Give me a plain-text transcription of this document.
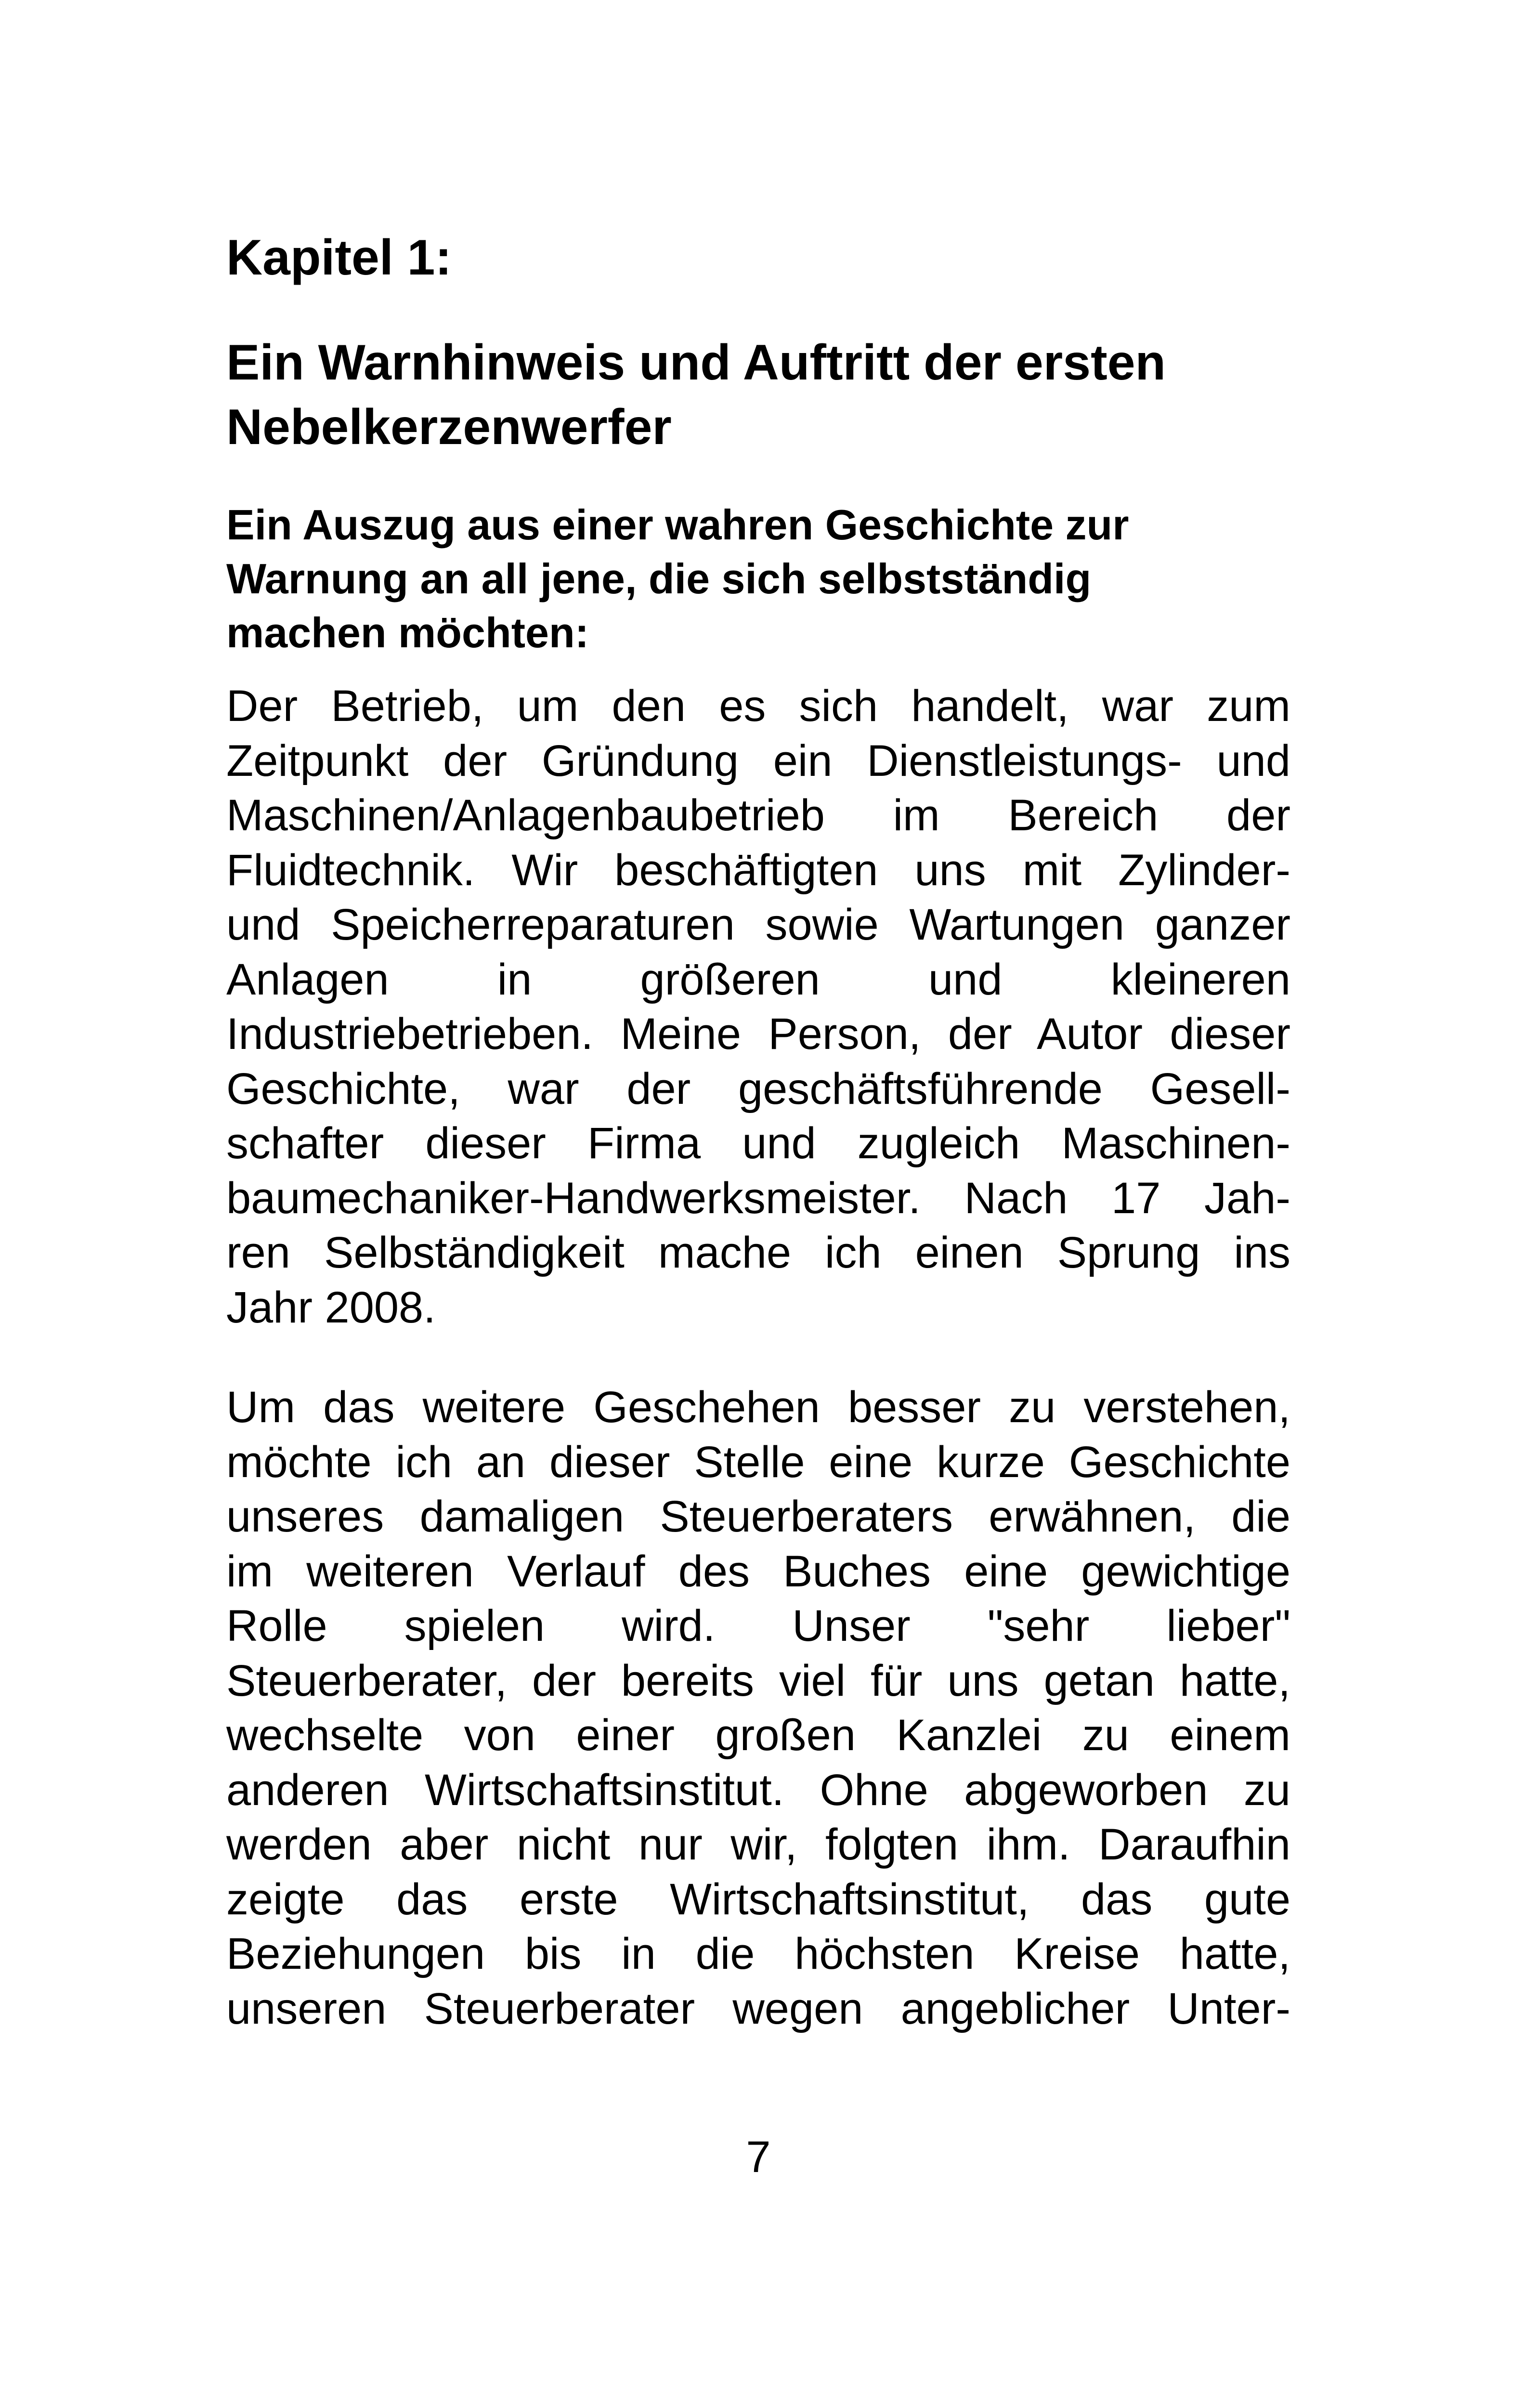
Kapitel 1:
Ein Warnhinweis und Auftritt der ersten
Nebelkerzenwerfer
Ein Auszug aus einer wahren Geschichte zur
Warnung an all jene, die sich selbstständig
machen möchten:

Der Betrieb, um den es sich handelt, war zum
Zeitpunkt der Gründung ein Dienstleistungs- und
Maschinen/Anlagenbaubetrieb im Bereich der
Fluidtechnik. Wir beschäftigten uns mit Zylinder-
und Speicherreparaturen sowie Wartungen ganzer
Anlagen in größeren und kleineren
Industriebetrieben. Meine Person, der Autor dieser
Geschichte, war der geschäftsführende Gesell-
schafter dieser Firma und zugleich Maschinen-
baumechaniker-Handwerksmeister. Nach 17 Jah-
ren Selbständigkeit mache ich einen Sprung ins
Jahr 2008.

Um das weitere Geschehen besser zu verstehen,
möchte ich an dieser Stelle eine kurze Geschichte
unseres damaligen Steuerberaters erwähnen, die
im weiteren Verlauf des Buches eine gewichtige
Rolle spielen wird. Unser "sehr lieber"
Steuerberater, der bereits viel für uns getan hatte,
wechselte von einer großen Kanzlei zu einem
anderen Wirtschaftsinstitut. Ohne abgeworben zu
werden aber nicht nur wir, folgten ihm. Daraufhin
zeigte das erste Wirtschaftsinstitut, das gute
Beziehungen bis in die höchsten Kreise hatte,
unseren Steuerberater wegen angeblicher Unter-

7
